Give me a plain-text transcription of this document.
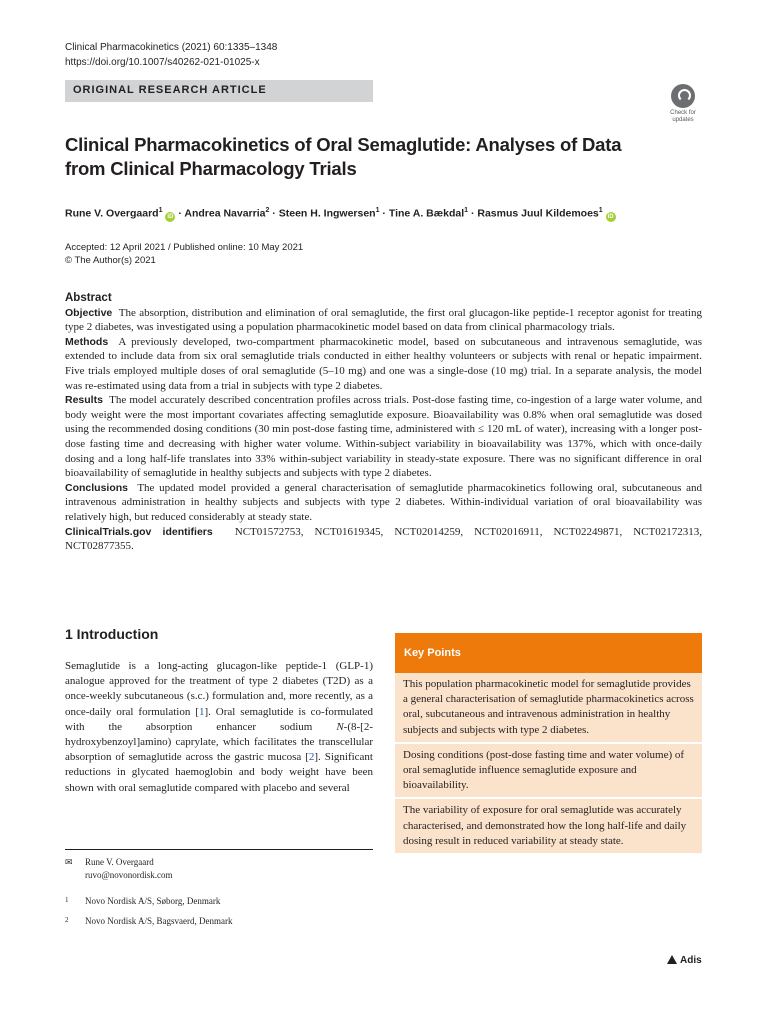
Clinical Pharmacokinetics (2021) 60:1335–1348
https://doi.org/10.1007/s40262-021-01025-x
ORIGINAL RESEARCH ARTICLE
Check for
updates
Clinical Pharmacokinetics of Oral Semaglutide: Analyses of Data
from Clinical Pharmacology Trials
Rune V. Overgaard$^1$ iD · Andrea Navarria$^2$ · Steen H. Ingwersen$^1$ · Tine A. Bækdal$^1$ · Rasmus Juul Kildemoes$^1$ iD
Accepted: 12 April 2021 / Published online: 10 May 2021
© The Author(s) 2021
Abstract

Objective The absorption, distribution and elimination of oral semaglutide, the first oral glucagon-like peptide-1 receptor agonist for treating type 2 diabetes, was investigated using a population pharmacokinetic model based on data from clinical pharmacology trials.

Methods A previously developed, two-compartment pharmacokinetic model, based on subcutaneous and intravenous semaglutide, was extended to include data from six oral semaglutide trials conducted in either healthy volunteers or subjects with renal or hepatic impairment. Five trials employed multiple doses of oral semaglutide (5–10 mg) and one was a single-dose (10 mg) trial. In a separate analysis, the model was re-estimated using data from a trial in subjects with type 2 diabetes.

Results The model accurately described concentration profiles across trials. Post-dose fasting time, co-ingestion of a large water volume, and body weight were the most important covariates affecting semaglutide exposure. Bioavailability was 0.8% when oral semaglutide was dosed using the recommended dosing conditions (30 min post-dose fasting time, administered with ≤ 120 mL of water), increasing with a longer post-dose fasting time and decreasing with higher water volume. Within-subject variability in bioavailability was 137%, which with once-daily dosing and a long half-life translates into 33% within-subject variability in steady-state exposure. There was no significant difference in oral bioavailability of semaglutide in healthy subjects and subjects with type 2 diabetes.

Conclusions The updated model provided a general characterisation of semaglutide pharmacokinetics following oral, subcutaneous and intravenous administration in healthy subjects and subjects with type 2 diabetes. Within-individual variation of oral bioavailability was relatively high, but reduced considerably at steady state.

ClinicalTrials.gov identifiers NCT01572753, NCT01619345, NCT02014259, NCT02016911, NCT02249871, NCT02172313, NCT02877355.

1 Introduction
Semaglutide is a long-acting glucagon-like peptide-1 (GLP-1) analogue approved for the treatment of type 2 diabetes (T2D) as a once-weekly subcutaneous (s.c.) formulation and, more recently, as a once-daily oral formulation [1]. Oral semaglutide is co-formulated with the absorption enhancer sodium N-(8-[2-hydroxybenzoyl]amino) caprylate, which facilitates the transcellular absorption of semaglutide across the gastric mucosa [2]. Significant reductions in glycated haemoglobin and body weight have been shown with oral semaglutide compared with placebo and several
✉ Rune V. Overgaard
ruvo@novonordisk.com
1 Novo Nordisk A/S, Søborg, Denmark
2 Novo Nordisk A/S, Bagsvaerd, Denmark
Key Points
This population pharmacokinetic model for semaglutide provides a general characterisation of semaglutide pharmacokinetics across oral, subcutaneous and intravenous administration in healthy subjects and subjects with type 2 diabetes.
Dosing conditions (post-dose fasting time and water volume) of oral semaglutide influence semaglutide exposure and bioavailability.
The variability of exposure for oral semaglutide was accurately characterised, and demonstrated how the long half-life and daily dosing result in reduced variability at steady state.
Adis
